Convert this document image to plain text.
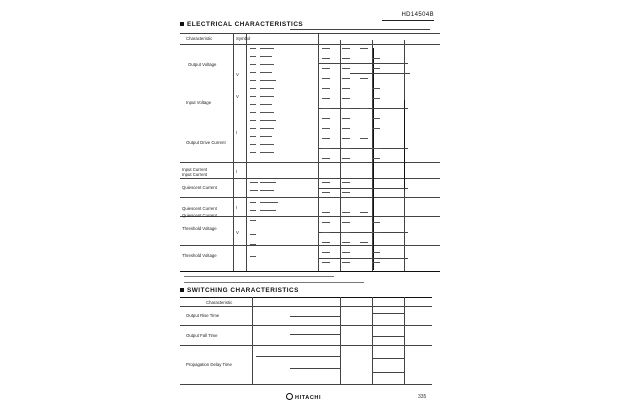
HD14504B
ELECTRICAL CHARACTERISTICS
Characteristic	Symbol
Output Voltage
V
Input Voltage
V
Output Drive Current
I
Input Current
Input Current
I
Quiescent Current
Quiescent Current
Quiescent Current
I
Threshold Voltage
Threshold Voltage
V
SWITCHING CHARACTERISTICS
Characteristic
Output Rise Time
Output Fall Time
Propagation Delay Time
HITACHI	335
